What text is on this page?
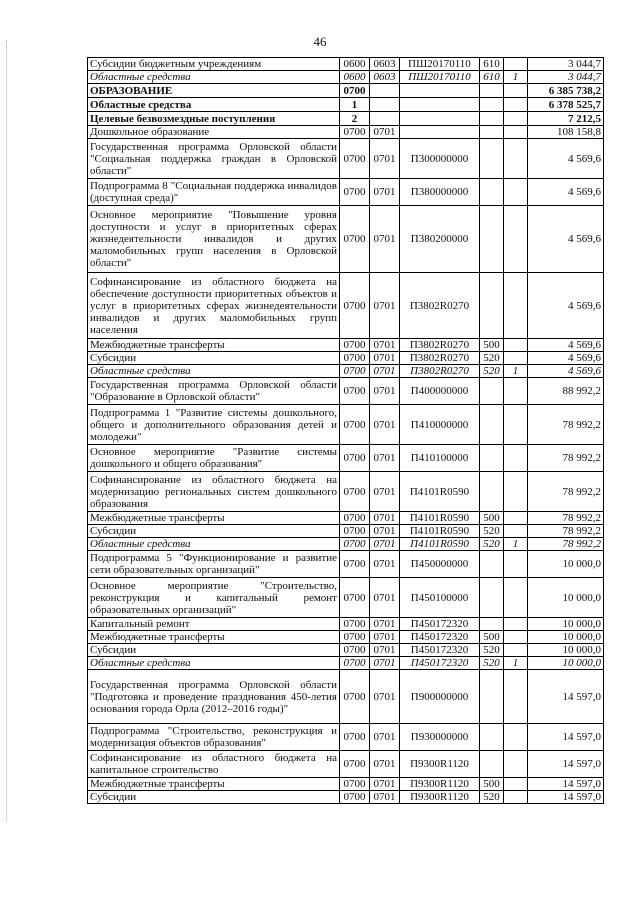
46
Субсидии бюджетным учреждениям	0600	0603	ПШ20170110	610		3 044,7
Областные средства	0600	0603	ПШ20170110	610	1	3 044,7
ОБРАЗОВАНИЕ	0700					6 385 738,2
Областные средства	1					6 378 525,7
Целевые безвозмездные поступления	2					7 212,5
Дошкольное образование	0700	0701				108 158,8
Государственная программа Орловской области "Социальная поддержка граждан в Орловской области"	0700	0701	П300000000			4 569,6
Подпрограмма 8 "Социальная поддержка инвалидов (доступная среда)"	0700	0701	П380000000			4 569,6
Основное мероприятие "Повышение уровня доступности и услуг в приоритетных сферах жизнедеятельности инвалидов и других маломобильных групп населения в Орловской области"	0700	0701	П380200000			4 569,6
Софинансирование из областного бюджета на обеспечение доступности приоритетных объектов и услуг в приоритетных сферах жизнедеятельности инвалидов и других маломобильных групп населения	0700	0701	П3802R0270			4 569,6
Межбюджетные трансферты	0700	0701	П3802R0270	500		4 569,6
Субсидии	0700	0701	П3802R0270	520		4 569,6
Областные средства	0700	0701	П3802R0270	520	1	4 569,6
Государственная программа Орловской области "Образование в Орловской области"	0700	0701	П400000000			88 992,2
Подпрограмма 1 "Развитие системы дошкольного, общего и дополнительного образования детей и молодежи"	0700	0701	П410000000			78 992,2
Основное мероприятие "Развитие системы дошкольного и общего образования"	0700	0701	П410100000			78 992,2
Софинансирование из областного бюджета на модернизацию региональных систем дошкольного образования	0700	0701	П4101R0590			78 992,2
Межбюджетные трансферты	0700	0701	П4101R0590	500		78 992,2
Субсидии	0700	0701	П4101R0590	520		78 992,2
Областные средства	0700	0701	П4101R0590	520	1	78 992,2
Подпрограмма 5 "Функционирование и развитие сети образовательных организаций"	0700	0701	П450000000			10 000,0
Основное мероприятие "Строительство, реконструкция и капитальный ремонт образовательных организаций"	0700	0701	П450100000			10 000,0
Капитальный ремонт	0700	0701	П450172320			10 000,0
Межбюджетные трансферты	0700	0701	П450172320	500		10 000,0
Субсидии	0700	0701	П450172320	520		10 000,0
Областные средства	0700	0701	П450172320	520	1	10 000,0
Государственная программа Орловской области "Подготовка и проведение празднования 450-летия основания города Орла (2012–2016 годы)"	0700	0701	П900000000			14 597,0
Подпрограмма "Строительство, реконструкция и модернизация объектов образования"	0700	0701	П930000000			14 597,0
Софинансирование из областного бюджета на капитальное строительство	0700	0701	П9300R1120			14 597,0
Межбюджетные трансферты	0700	0701	П9300R1120	500		14 597,0
Субсидии	0700	0701	П9300R1120	520		14 597,0
